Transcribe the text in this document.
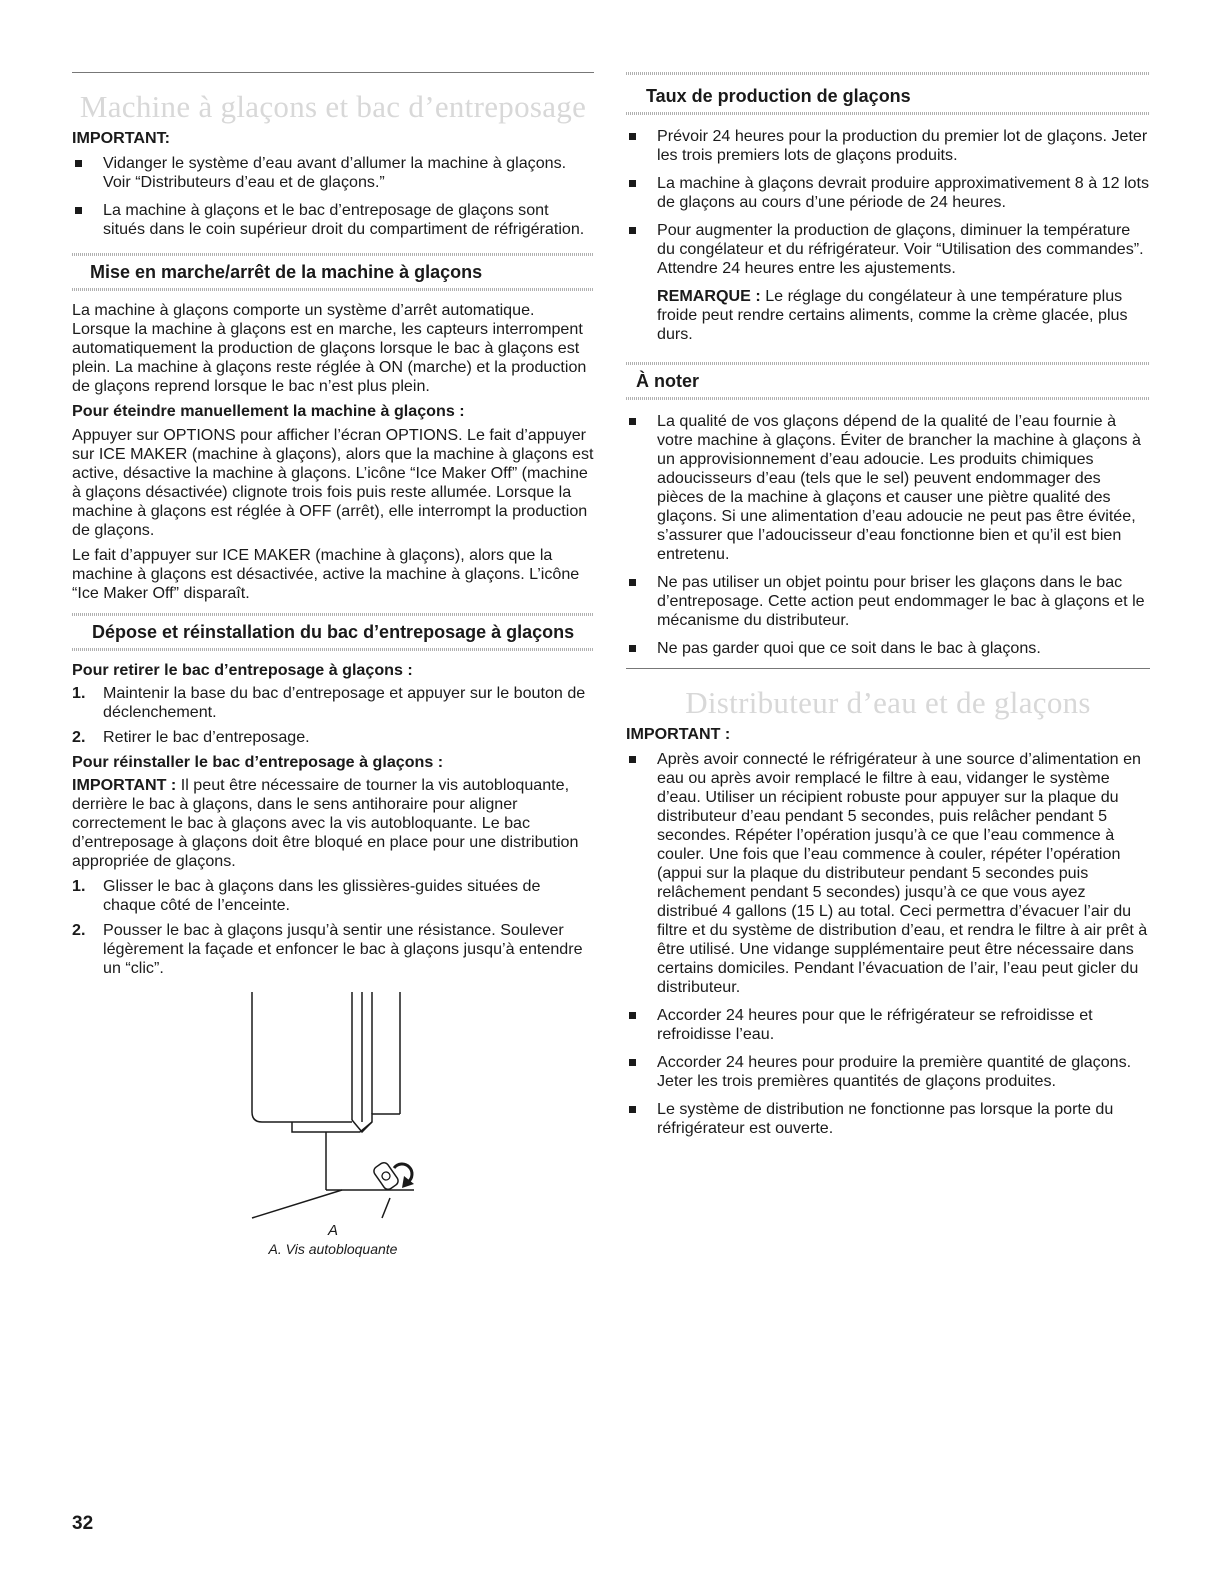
Machine à glaçons et bac d’entreposage

IMPORTANT:

Vidanger le système d’eau avant d’allumer la machine à glaçons. Voir “Distributeurs d’eau et de glaçons.”
La machine à glaçons et le bac d’entreposage de glaçons sont situés dans le coin supérieur droit du compartiment de réfrigération.
Mise en marche/arrêt de la machine à glaçons

La machine à glaçons comporte un système d’arrêt automatique. Lorsque la machine à glaçons est en marche, les capteurs interrompent automatiquement la production de glaçons lorsque le bac à glaçons est plein. La machine à glaçons reste réglée à ON (marche) et la production de glaçons reprend lorsque le bac n’est plus plein.

Pour éteindre manuellement la machine à glaçons :

Appuyer sur OPTIONS pour afficher l’écran OPTIONS. Le fait d’appuyer sur ICE MAKER (machine à glaçons), alors que la machine à glaçons est active, désactive la machine à glaçons. L’icône “Ice Maker Off” (machine à glaçons désactivée) clignote trois fois puis reste allumée. Lorsque la machine à glaçons est réglée à OFF (arrêt), elle interrompt la production de glaçons.

Le fait d’appuyer sur ICE MAKER (machine à glaçons), alors que la machine à glaçons est désactivée, active la machine à glaçons. L’icône “Ice Maker Off” disparaît.

Dépose et réinstallation du bac d’entreposage à glaçons

Pour retirer le bac d’entreposage à glaçons :

1. Maintenir la base du bac d’entreposage et appuyer sur le bouton de déclenchement.
2. Retirer le bac d’entreposage.

Pour réinstaller le bac d’entreposage à glaçons :

IMPORTANT : Il peut être nécessaire de tourner la vis autobloquante, derrière le bac à glaçons, dans le sens antihoraire pour aligner correctement le bac à glaçons avec la vis autobloquante. Le bac d’entreposage à glaçons doit être bloqué en place pour une distribution appropriée de glaçons.

1. Glisser le bac à glaçons dans les glissières-guides situées de chaque côté de l’enceinte.
2. Pousser le bac à glaçons jusqu’à sentir une résistance. Soulever légèrement la façade et enfoncer le bac à glaçons jusqu’à entendre un “clic”.
A
A. Vis autobloquante
Taux de production de glaçons
Prévoir 24 heures pour la production du premier lot de glaçons. Jeter les trois premiers lots de glaçons produits.
La machine à glaçons devrait produire approximativement 8 à 12 lots de glaçons au cours d’une période de 24 heures.
Pour augmenter la production de glaçons, diminuer la température du congélateur et du réfrigérateur. Voir “Utilisation des commandes”. Attendre 24 heures entre les ajustements.

REMARQUE : Le réglage du congélateur à une température plus froide peut rendre certains aliments, comme la crème glacée, plus durs.

À noter
La qualité de vos glaçons dépend de la qualité de l’eau fournie à votre machine à glaçons. Éviter de brancher la machine à glaçons à un approvisionnement d’eau adoucie. Les produits chimiques adoucisseurs d’eau (tels que le sel) peuvent endommager des pièces de la machine à glaçons et causer une piètre qualité des glaçons. Si une alimentation d’eau adoucie ne peut pas être évitée, s’assurer que l’adoucisseur d’eau fonctionne bien et qu’il est bien entretenu.
Ne pas utiliser un objet pointu pour briser les glaçons dans le bac d’entreposage. Cette action peut endommager le bac à glaçons et le mécanisme du distributeur.
Ne pas garder quoi que ce soit dans le bac à glaçons.
Distributeur d’eau et de glaçons

IMPORTANT :

Après avoir connecté le réfrigérateur à une source d’alimentation en eau ou après avoir remplacé le filtre à eau, vidanger le système d’eau. Utiliser un récipient robuste pour appuyer sur la plaque du distributeur d’eau pendant 5 secondes, puis relâcher pendant 5 secondes. Répéter l’opération jusqu’à ce que l’eau commence à couler. Une fois que l’eau commence à couler, répéter l’opération (appui sur la plaque du distributeur pendant 5 secondes puis relâchement pendant 5 secondes) jusqu’à ce que vous ayez distribué 4 gallons (15 L) au total. Ceci permettra d’évacuer l’air du filtre et du système de distribution d’eau, et rendra le filtre à air prêt à être utilisé. Une vidange supplémentaire peut être nécessaire dans certains domiciles. Pendant l’évacuation de l’air, l’eau peut gicler du distributeur.
Accorder 24 heures pour que le réfrigérateur se refroidisse et refroidisse l’eau.
Accorder 24 heures pour produire la première quantité de glaçons. Jeter les trois premières quantités de glaçons produites.
Le système de distribution ne fonctionne pas lorsque la porte du réfrigérateur est ouverte.
32
